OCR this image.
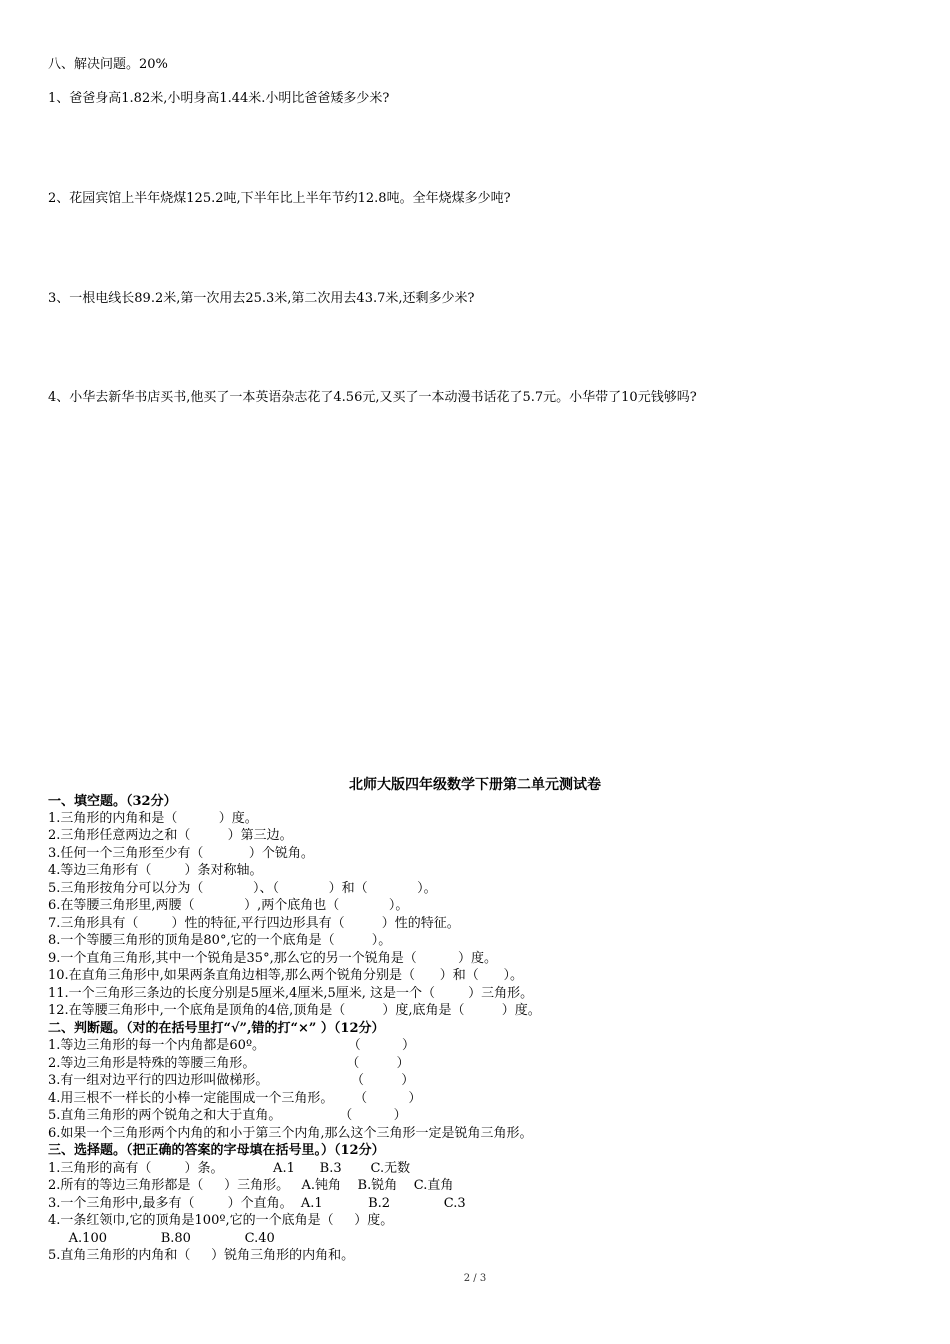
八、解决问题。20%
1、爸爸身高1.82米,小明身高1.44米.小明比爸爸矮多少米?
2、花园宾馆上半年烧煤125.2吨,下半年比上半年节约12.8吨。全年烧煤多少吨?
3、一根电线长89.2米,第一次用去25.3米,第二次用去43.7米,还剩多少米?
4、小华去新华书店买书,他买了一本英语杂志花了4.56元,又买了一本动漫书话花了5.7元。小华带了10元钱够吗?
北师大版四年级数学下册第二单元测试卷
一、填空题。（32分）
1.三角形的内角和是（          ）度。
2.三角形任意两边之和（         ）第三边。
3.任何一个三角形至少有（           ）个锐角。
4.等边三角形有（        ）条对称轴。
5.三角形按角分可以分为（            ）、（            ）和（            ）。
6.在等腰三角形里,两腰（            ）,两个底角也（            ）。
7.三角形具有（        ）性的特征,平行四边形具有（         ）性的特征。
8.一个等腰三角形的顶角是80°,它的一个底角是（         ）。
9.一个直角三角形,其中一个锐角是35°,那么它的另一个锐角是（          ）度。
10.在直角三角形中,如果两条直角边相等,那么两个锐角分别是（      ）和（      ）。
11.一个三角形三条边的长度分别是5厘米,4厘米,5厘米, 这是一个（        ）三角形。
12.在等腰三角形中,一个底角是顶角的4倍,顶角是（         ）度,底角是（         ）度。
二、判断题。（对的在括号里打“√”,错的打“×” ）（12分）
1.等边三角形的每一个内角都是60º。                    （          ）
2.等边三角形是特殊的等腰三角形。                      （         ）
3.有一组对边平行的四边形叫做梯形。                    （         ）
4.用三根不一样长的小棒一定能围成一个三角形。     （          ）
5.直角三角形的两个锐角之和大于直角。              （          ）
6.如果一个三角形两个内角的和小于第三个内角,那么这个三角形一定是锐角三角形。
三、选择题。（把正确的答案的字母填在括号里。）（12分）
1.三角形的高有（        ）条。            A.1      B.3       C.无数
2.所有的等边三角形都是（     ）三角形。   A.钝角    B.锐角    C.直角
3.一个三角形中,最多有（        ）个直角。  A.1           B.2             C.3
4.一条红领巾,它的顶角是100º,它的一个底角是（     ）度。
A.100             B.80             C.40
5.直角三角形的内角和（     ）锐角三角形的内角和。
2 / 3
